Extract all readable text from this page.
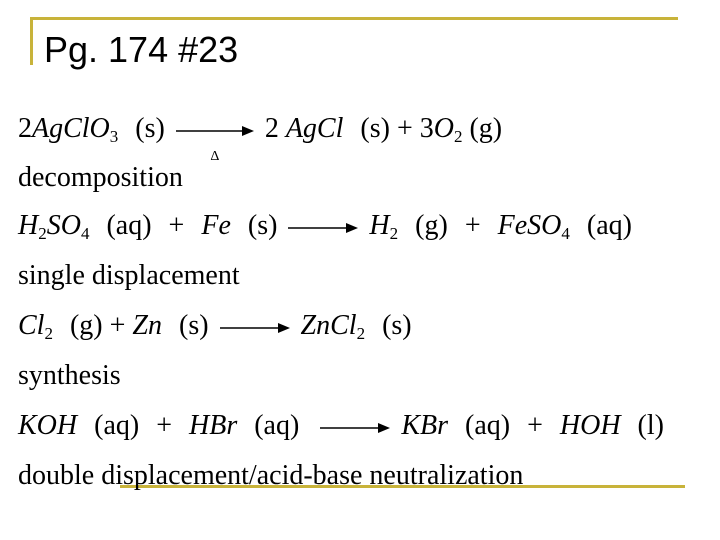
Pg. 174 #23
2AgClO$_3$ (s)
Δ
2 AgCl $(s) + 3O_2$ (g)
decomposition
$H_2SO_4$ (aq) + Fe $(s) \to H_2$ (g) + FeSO$_4$ (aq)
single displacement
$Cl_2$ (g) + Zn (s) → ZnCl$_2$ (s)
synthesis
KOH (aq) + HBr (aq) → KBr (aq) + HOH (l)
double displacement/acid-base neutralization
